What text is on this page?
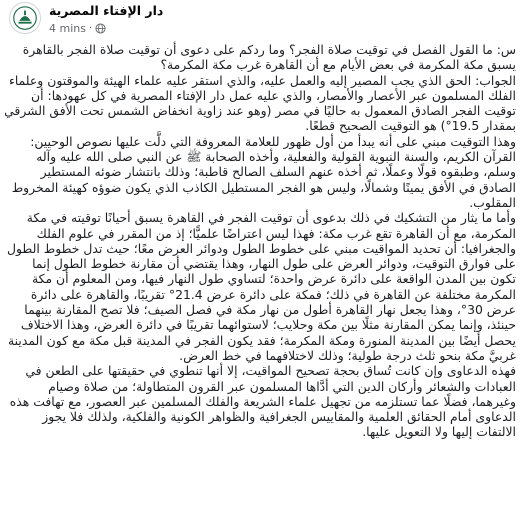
دار الإفتاء المصرية
4 mins ·

س: ما القول الفصل في توقيت صلاة الفجر؟ وما ردكم على دعوى أن توقيت صلاة الفجر بالقاهرة يسبق مكة المكرمة في بعض الأيام مع أن القاهرة غرب مكة المكرمة؟

الجواب: الحق الذي يجب المصير إليه والعمل عليه، والذي استقر عليه علماء الهيئة والموقتون وعلماء الفلك المسلمون عبر الأعصار والأمصار، والذي عليه عمل دار الإفتاء المصرية في كل عهودها: أن توقيت الفجر الصادق المعمول به حاليًا في مصر (وهو عند زاوية انخفاض الشمس تحت الأفق الشرقي بمقدار 19.5°) هو التوقيت الصحيح قطعًا.

وهذا التوقيت مبني على أنه يبدأ من أول ظهور للعلامة المعروفة التي دلَّت عليها نصوص الوحيين: القرآن الكريم، والسنة النبوية القولية والفعلية، وأخذه الصحابة ﷺ عن النبي صلى الله عليه وآله وسلم، وطبقوه قولًا وعملًا، ثم أخذه عنهم السلف الصالح قاطبة؛ وذلك بانتشار ضوئه المستطير الصادق في الأفق يمينًا وشمالًا، وليس هو الفجر المستطيل الكاذب الذي يكون ضوؤه كهيئة المخروط المقلوب.

وأما ما يثار من التشكيك في ذلك بدعوى أن توقيت الفجر في القاهرة يسبق أحيانًا توقيته في مكة المكرمة، مع أن القاهرة تقع غرب مكة: فهذا ليس اعتراضًا علميًّا؛ إذ من المقرر في علوم الفلك والجغرافيا: أن تحديد المواقيت مبني على خطوط الطول ودوائر العرض معًا؛ حيث تدل خطوط الطول على فوارق التوقيت، ودوائر العرض على طول النهار، وهذا يقتضي أن مقارنة خطوط الطول إنما تكون بين المدن الواقعة على دائرة عرض واحدة؛ لتساوي طول النهار فيها، ومن المعلوم أن مكة المكرمة مختلفة عن القاهرة في ذلك؛ فمكة على دائرة عرض 21.4° تقريبًا، والقاهرة على دائرة عرض 30°، وهذا يجعل نهار القاهرة أطول من نهار مكة في فصل الصيف؛ فلا تصح المقارنة بينهما حينئذ، وإنما يمكن المقارنة مثلًا بين مكة وحلايب؛ لاستوائهما تقريبًا في دائرة العرض، وهذا الاختلاف يحصل أيضًا بين المدينة المنورة ومكة المكرمة؛ فقد يكون الفجر في المدينة قبل مكة مع كون المدينة غربيَّ مكة بنحو ثلث درجة طولية؛ وذلك لاختلافهما في خط العرض.

فهذه الدعاوى وإن كانت تُساق بحجة تصحيح المواقيت، إلا أنها تنطوي في حقيقتها على الطعن في العبادات والشعائر وأركان الدين التي أدَّاها المسلمون عبر القرون المتطاولة؛ من صلاة وصيام وغيرهما، فضلًا عما تستلزمه من تجهيل علماء الشريعة والفلك المسلمين عبر العصور، مع تهافت هذه الدعاوى أمام الحقائق العلمية والمقاييس الجغرافية والظواهر الكونية والفلكية، ولذلك فلا يجوز الالتفات إليها ولا التعويل عليها.
